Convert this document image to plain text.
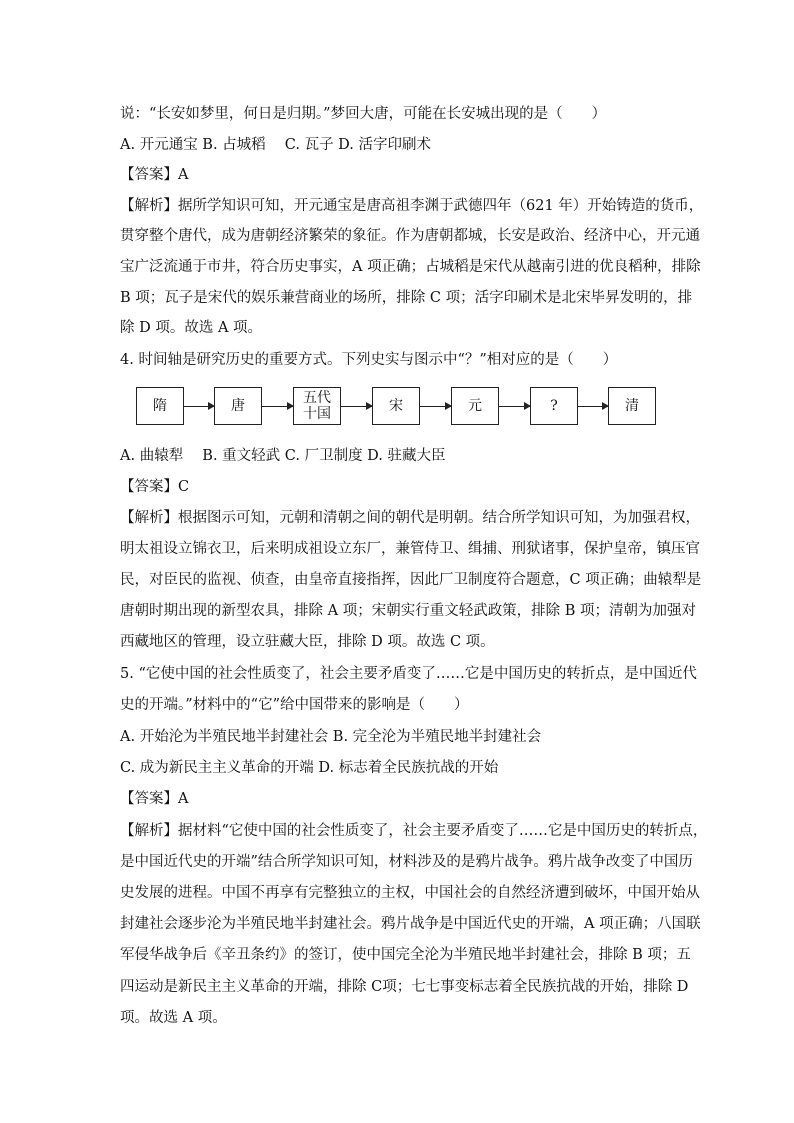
说：“长安如梦里，何日是归期。”梦回大唐，可能在长安城出现的是（　　）
A. 开元通宝 B. 占城稻　 C. 瓦子 D. 活字印刷术
【答案】A
【解析】据所学知识可知，开元通宝是唐高祖李渊于武德四年（621 年）开始铸造的货币，
贯穿整个唐代，成为唐朝经济繁荣的象征。作为唐朝都城，长安是政治、经济中心，开元通
宝广泛流通于市井，符合历史事实，A 项正确；占城稻是宋代从越南引进的优良稻种，排除
B 项；瓦子是宋代的娱乐兼营商业的场所，排除 C 项；活字印刷术是北宋毕昇发明的，排
除 D 项。故选 A 项。
4. 时间轴是研究历史的重要方式。下列史实与图示中“？”相对应的是（　　）
A. 曲辕犁　 B. 重文轻武 C. 厂卫制度 D. 驻藏大臣
【答案】C
【解析】根据图示可知，元朝和清朝之间的朝代是明朝。结合所学知识可知，为加强君权，
明太祖设立锦衣卫，后来明成祖设立东厂，兼管侍卫、缉捕、刑狱诸事，保护皇帝，镇压官
民，对臣民的监视、侦查，由皇帝直接指挥，因此厂卫制度符合题意，C 项正确；曲辕犁是
唐朝时期出现的新型农具，排除 A 项；宋朝实行重文轻武政策，排除 B 项；清朝为加强对
西藏地区的管理，设立驻藏大臣，排除 D 项。故选 C 项。
5. “它使中国的社会性质变了，社会主要矛盾变了……它是中国历史的转折点，是中国近代
史的开端。”材料中的“它”给中国带来的影响是（　　）
A. 开始沦为半殖民地半封建社会 B. 完全沦为半殖民地半封建社会
C. 成为新民主主义革命的开端 D. 标志着全民族抗战的开始
【答案】A
【解析】据材料“它使中国的社会性质变了，社会主要矛盾变了……它是中国历史的转折点，
是中国近代史的开端”结合所学知识可知，材料涉及的是鸦片战争。鸦片战争改变了中国历
史发展的进程。中国不再享有完整独立的主权，中国社会的自然经济遭到破坏，中国开始从
封建社会逐步沦为半殖民地半封建社会。鸦片战争是中国近代史的开端，A 项正确；八国联
军侵华战争后《辛丑条约》的签订，使中国完全沦为半殖民地半封建社会，排除 B 项；五
四运动是新民主主义革命的开端，排除 C项；七七事变标志着全民族抗战的开始，排除 D
项。故选 A 项。
隋	唐	五代
十国	宋	元	?	清
